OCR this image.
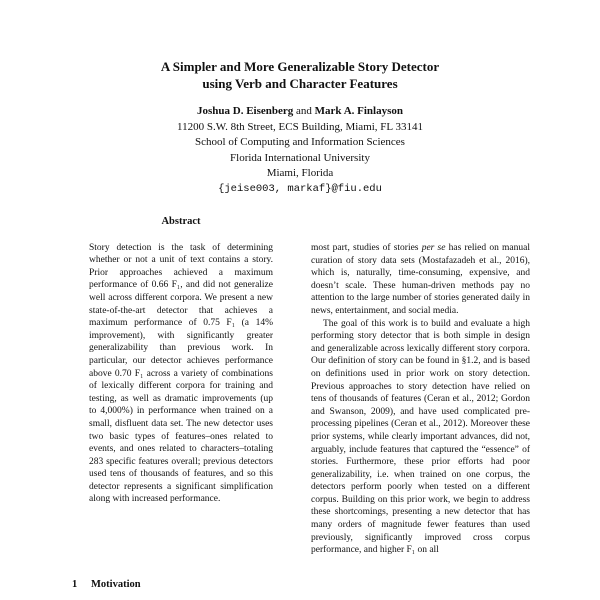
A Simpler and More Generalizable Story Detector
using Verb and Character Features
Joshua D. Eisenberg and Mark A. Finlayson
11200 S.W. 8th Street, ECS Building, Miami, FL 33141
School of Computing and Information Sciences
Florida International University
Miami, Florida
{jeise003, markaf}@fiu.edu
Abstract

Story detection is the task of determining whether or not a unit of text contains a story. Prior approaches achieved a maximum performance of 0.66 F₁, and did not generalize well across different corpora. We present a new state-of-the-art detector that achieves a maximum performance of 0.75 F₁ (a 14% improvement), with significantly greater generalizability than previous work. In particular, our detector achieves performance above 0.70 F₁ across a variety of combinations of lexically different corpora for training and testing, as well as dramatic improvements (up to 4,000%) in performance when trained on a small, disfluent data set. The new detector uses two basic types of features–ones related to events, and ones related to characters–totaling 283 specific features overall; previous detectors used tens of thousands of features, and so this detector represents a significant simplification along with increased performance.

1 Motivation

most part, studies of stories per se has relied on manual curation of story data sets (Mostafazadeh et al., 2016), which is, naturally, time-consuming, expensive, and doesn’t scale. These human-driven methods pay no attention to the large number of stories generated daily in news, entertainment, and social media.

The goal of this work is to build and evaluate a high performing story detector that is both simple in design and generalizable across lexically different story corpora. Our definition of story can be found in §1.2, and is based on definitions used in prior work on story detection. Previous approaches to story detection have relied on tens of thousands of features (Ceran et al., 2012; Gordon and Swanson, 2009), and have used complicated pre-processing pipelines (Ceran et al., 2012). Moreover these prior systems, while clearly important advances, did not, arguably, include features that captured the “essence” of stories. Furthermore, these prior efforts had poor generalizability, i.e. when trained on one corpus, the detectors perform poorly when tested on a different corpus. Building on this prior work, we begin to address these shortcomings, presenting a new detector that has many orders of magnitude fewer features than used previously, significantly improved cross corpus performance, and higher F₁ on all
